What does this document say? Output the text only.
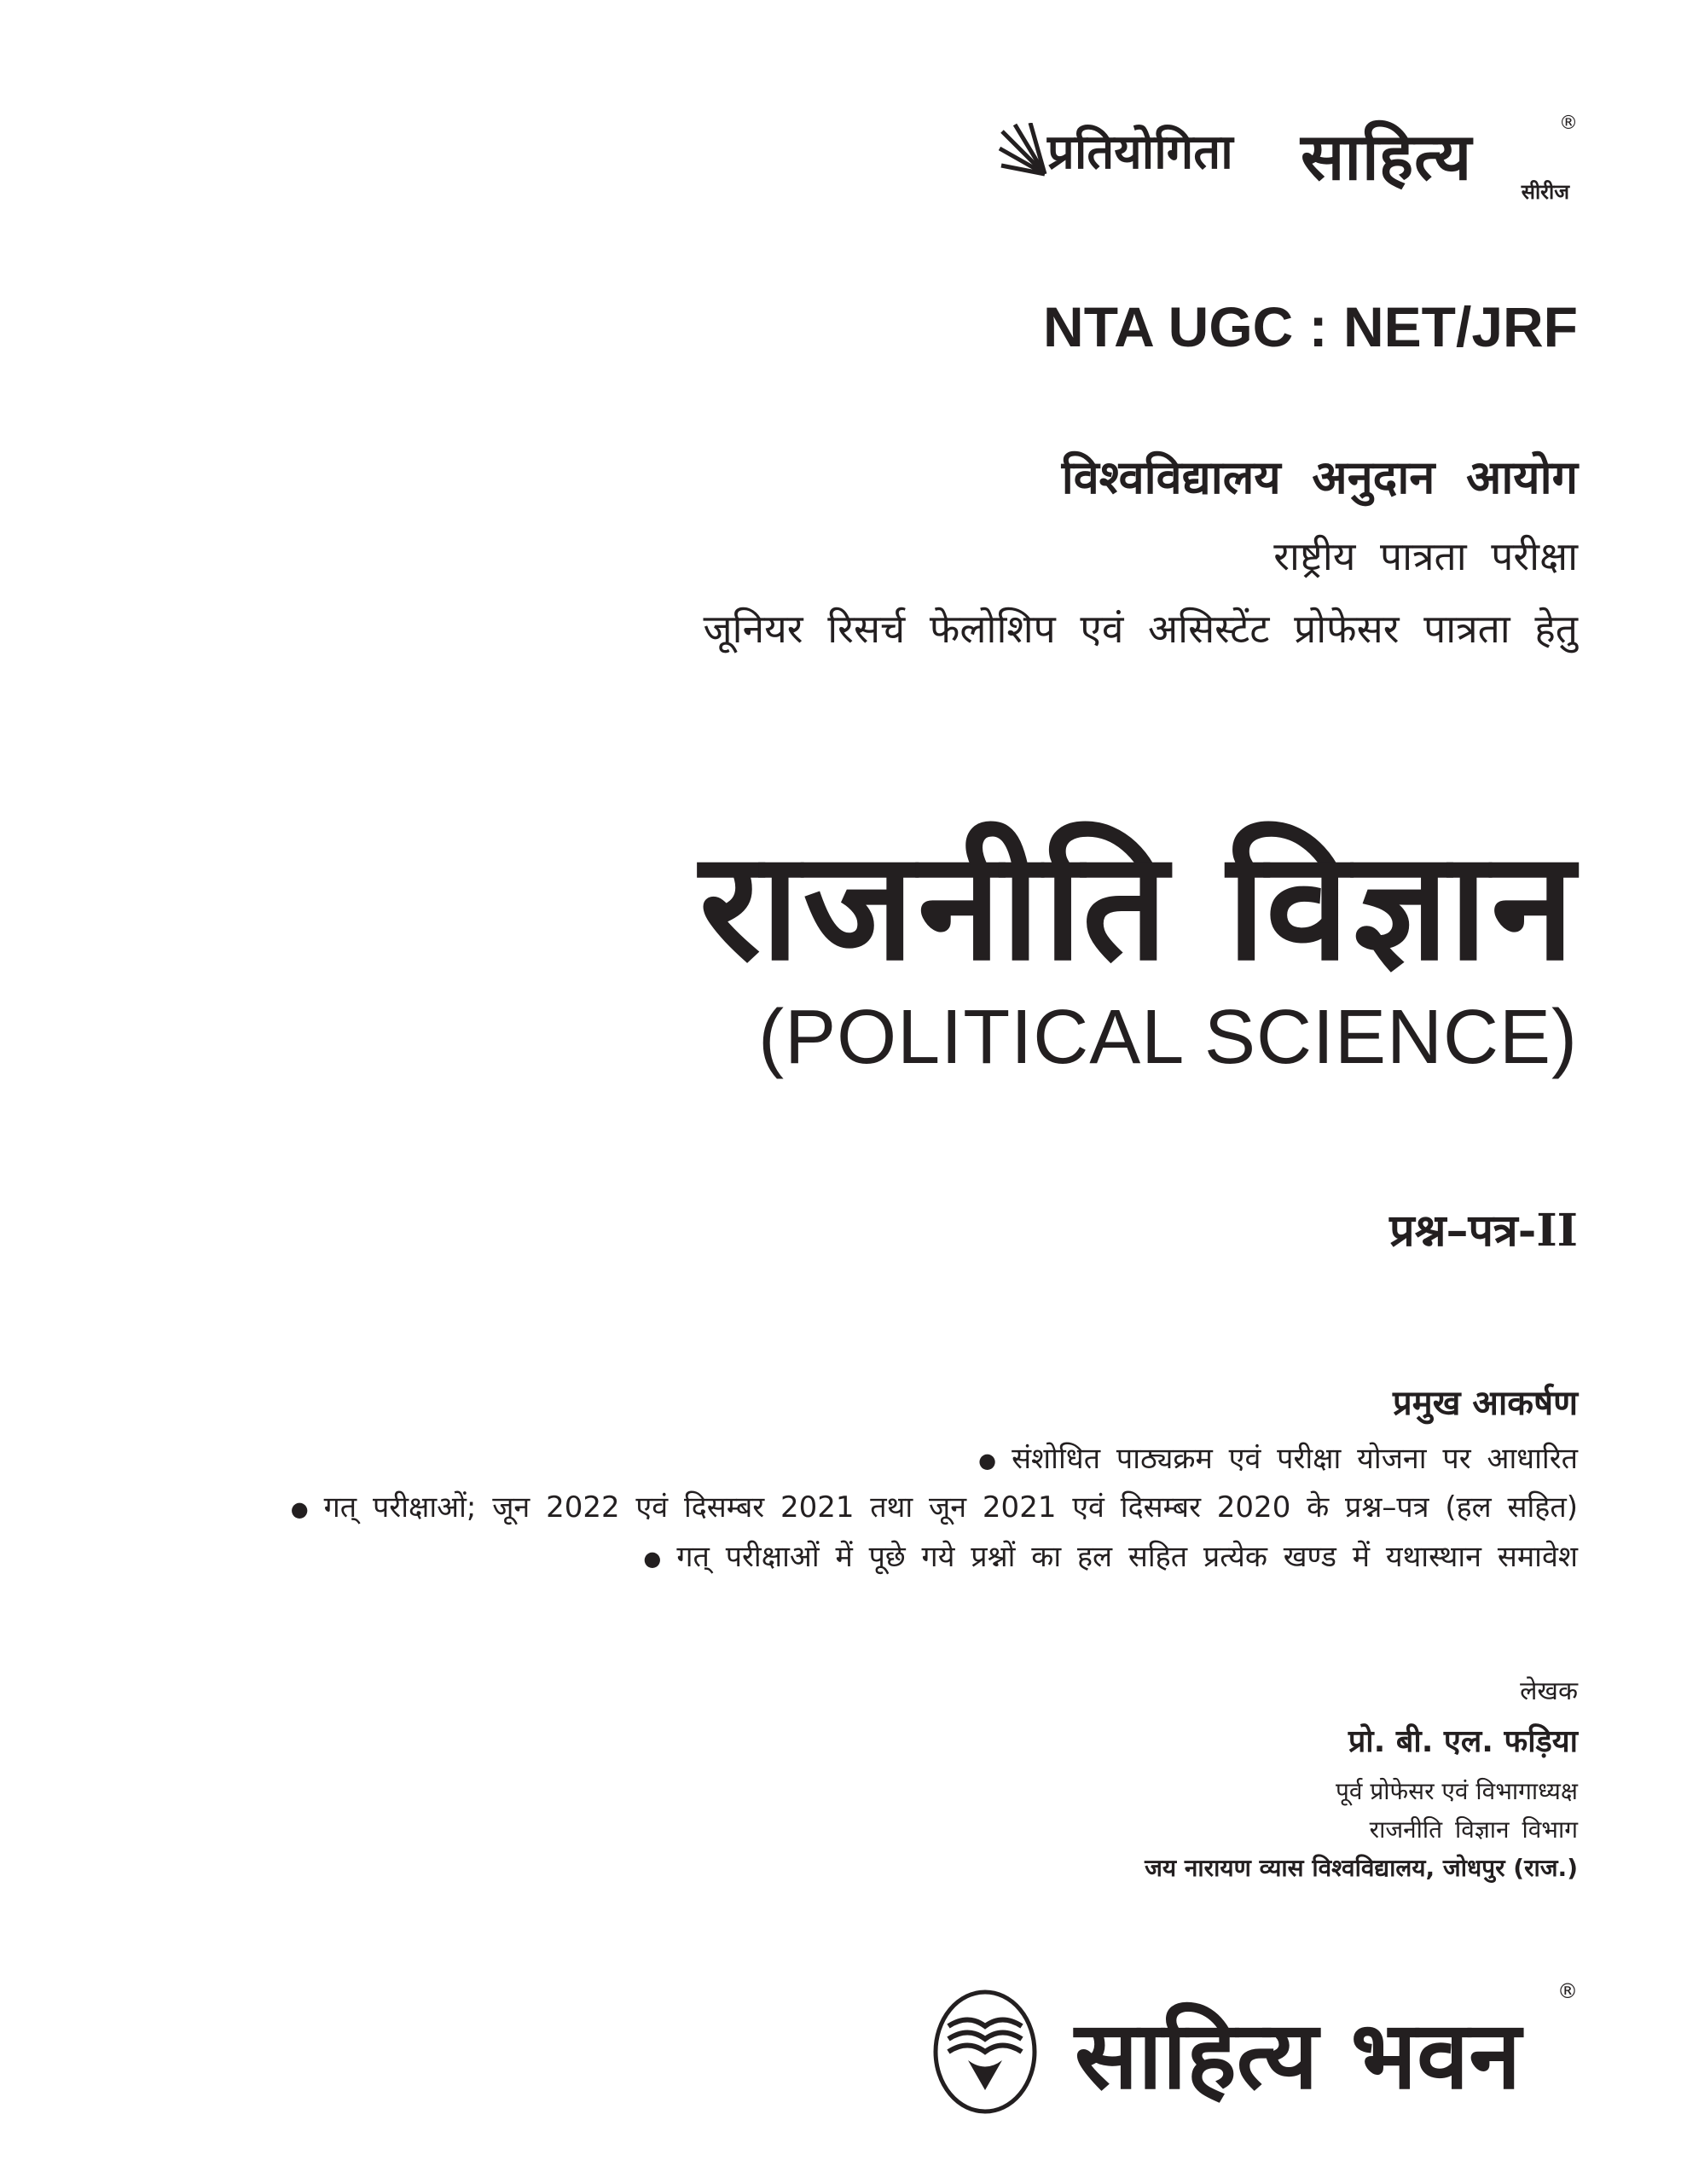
प्रतियोगिता साहित्य	®
सीरीज
NTA UGC : NET/JRF
विश्वविद्यालय अनुदान आयोग
राष्ट्रीय पात्रता परीक्षा
जूनियर रिसर्च फेलोशिप एवं असिस्टेंट प्रोफेसर पात्रता हेतु
राजनीति विज्ञान
(POLITICAL SCIENCE)
प्रश्न–पत्र-II
प्रमुख आकर्षण
● संशोधित पाठ्यक्रम एवं परीक्षा योजना पर आधारित
● गत् परीक्षाओं; जून 2022 एवं दिसम्बर 2021 तथा जून 2021 एवं दिसम्बर 2020 के प्रश्न–पत्र (हल सहित)
● गत् परीक्षाओं में पूछे गये प्रश्नों का हल सहित प्रत्येक खण्ड में यथास्थान समावेश
लेखक
प्रो. बी. एल. फड़िया
पूर्व प्रोफेसर एवं विभागाध्यक्ष
राजनीति विज्ञान विभाग
जय नारायण व्यास विश्वविद्यालय, जोधपुर (राज.)
साहित्य भवन
®
